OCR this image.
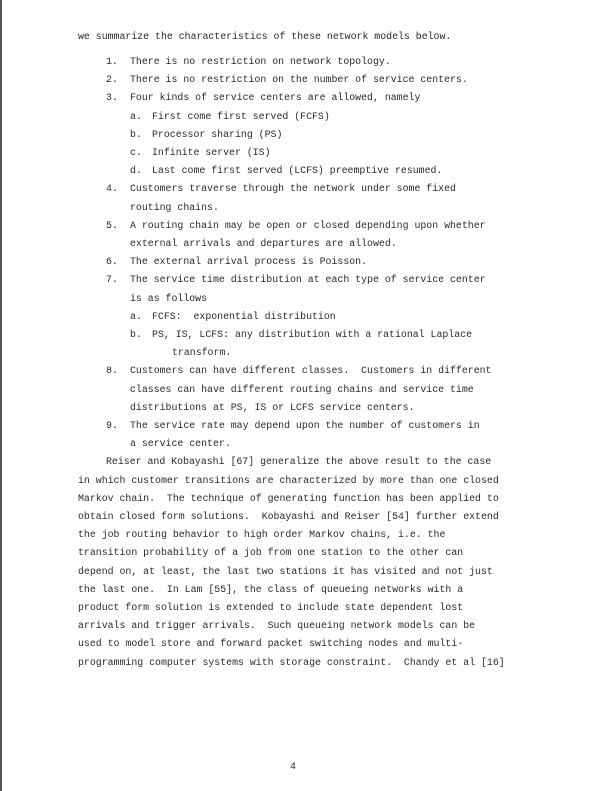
we summarize the characteristics of these network models below.
1. There is no restriction on network topology.
2. There is no restriction on the number of service centers.
3. Four kinds of service centers are allowed, namely
a. First come first served (FCFS)
b. Processor sharing (PS)
c. Infinite server (IS)
d. Last come first served (LCFS) preemptive resumed.
4. Customers traverse through the network under some fixed
routing chains.
5. A routing chain may be open or closed depending upon whether
external arrivals and departures are allowed.
6. The external arrival process is Poisson.
7. The service time distribution at each type of service center
is as follows
a. FCFS:  exponential distribution
b. PS, IS, LCFS: any distribution with a rational Laplace
transform.
8. Customers can have different classes.  Customers in different
classes can have different routing chains and service time
distributions at PS, IS or LCFS service centers.
9. The service rate may depend upon the number of customers in
a service center.
Reiser and Kobayashi [67] generalize the above result to the case
in which customer transitions are characterized by more than one closed
Markov chain.  The technique of generating function has been applied to
obtain closed form solutions.  Kobayashi and Reiser [54] further extend
the job routing behavior to high order Markov chains, i.e. the
transition probability of a job from one station to the other can
depend on, at least, the last two stations it has visited and not just
the last one.  In Lam [55], the class of queueing networks with a
product form solution is extended to include state dependent lost
arrivals and trigger arrivals.  Such queueing network models can be
used to model store and forward packet switching nodes and multi-
programming computer systems with storage constraint.  Chandy et al [16]
4
